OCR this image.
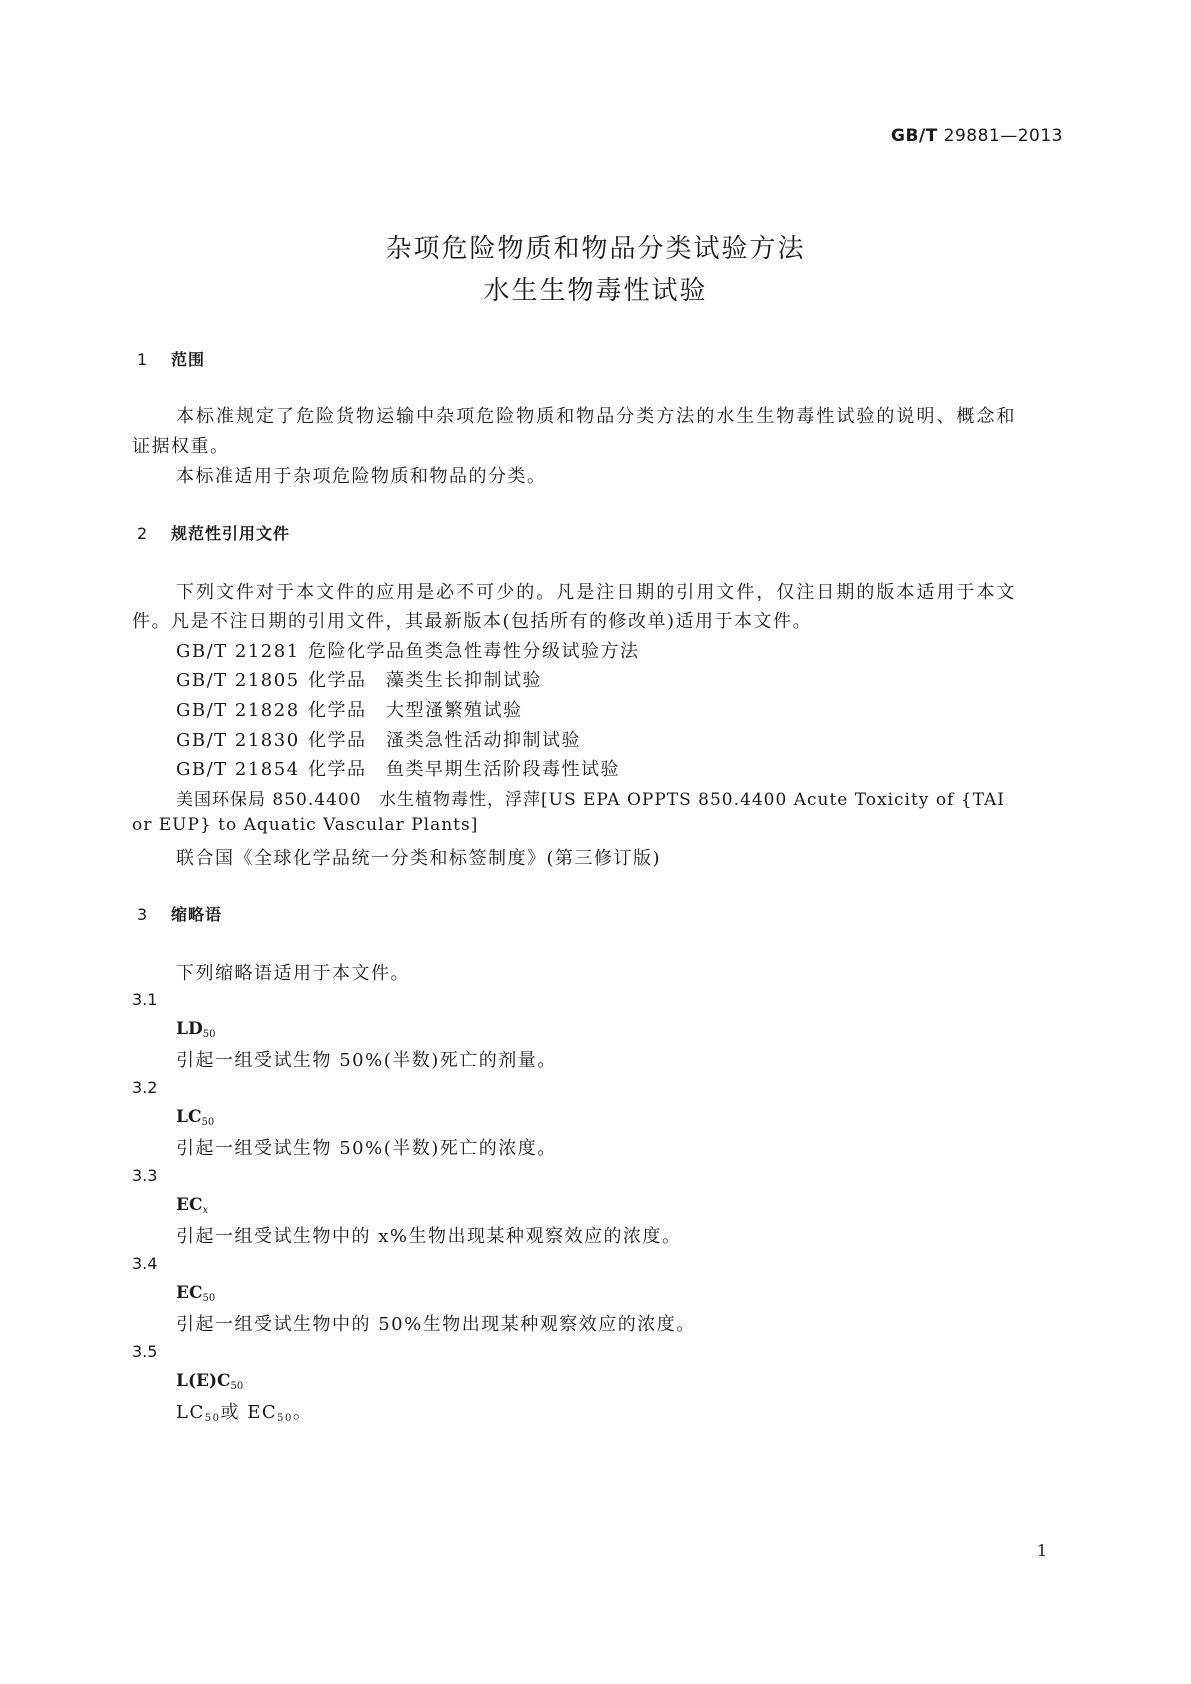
GB/T 29881—2013
杂项危险物质和物品分类试验方法
水生生物毒性试验
1 范围
本标准规定了危险货物运输中杂项危险物质和物品分类方法的水生生物毒性试验的说明、概念和
证据权重。
本标准适用于杂项危险物质和物品的分类。
2 规范性引用文件
下列文件对于本文件的应用是必不可少的。凡是注日期的引用文件，仅注日期的版本适用于本文
件。凡是不注日期的引用文件，其最新版本(包括所有的修改单)适用于本文件。
GB/T 21281 危险化学品鱼类急性毒性分级试验方法
GB/T 21805 化学品　藻类生长抑制试验
GB/T 21828 化学品　大型溞繁殖试验
GB/T 21830 化学品　溞类急性活动抑制试验
GB/T 21854 化学品　鱼类早期生活阶段毒性试验
美国环保局 850.4400 水生植物毒性，浮萍[US EPA OPPTS 850.4400 Acute Toxicity of {TAI
or EUP} to Aquatic Vascular Plants]
联合国《全球化学品统一分类和标签制度》(第三修订版)
3 缩略语
下列缩略语适用于本文件。
3.1
$LD_{50}$
引起一组受试生物 50%(半数)死亡的剂量。
3.2
$LC_{50}$
引起一组受试生物 50%(半数)死亡的浓度。
3.3
$EC_x$
引起一组受试生物中的 x%生物出现某种观察效应的浓度。
3.4
$EC_{50}$
引起一组受试生物中的 50%生物出现某种观察效应的浓度。
3.5
$L(E)C_{50}$
$LC_{50}$或 $EC_{50}$。
1
